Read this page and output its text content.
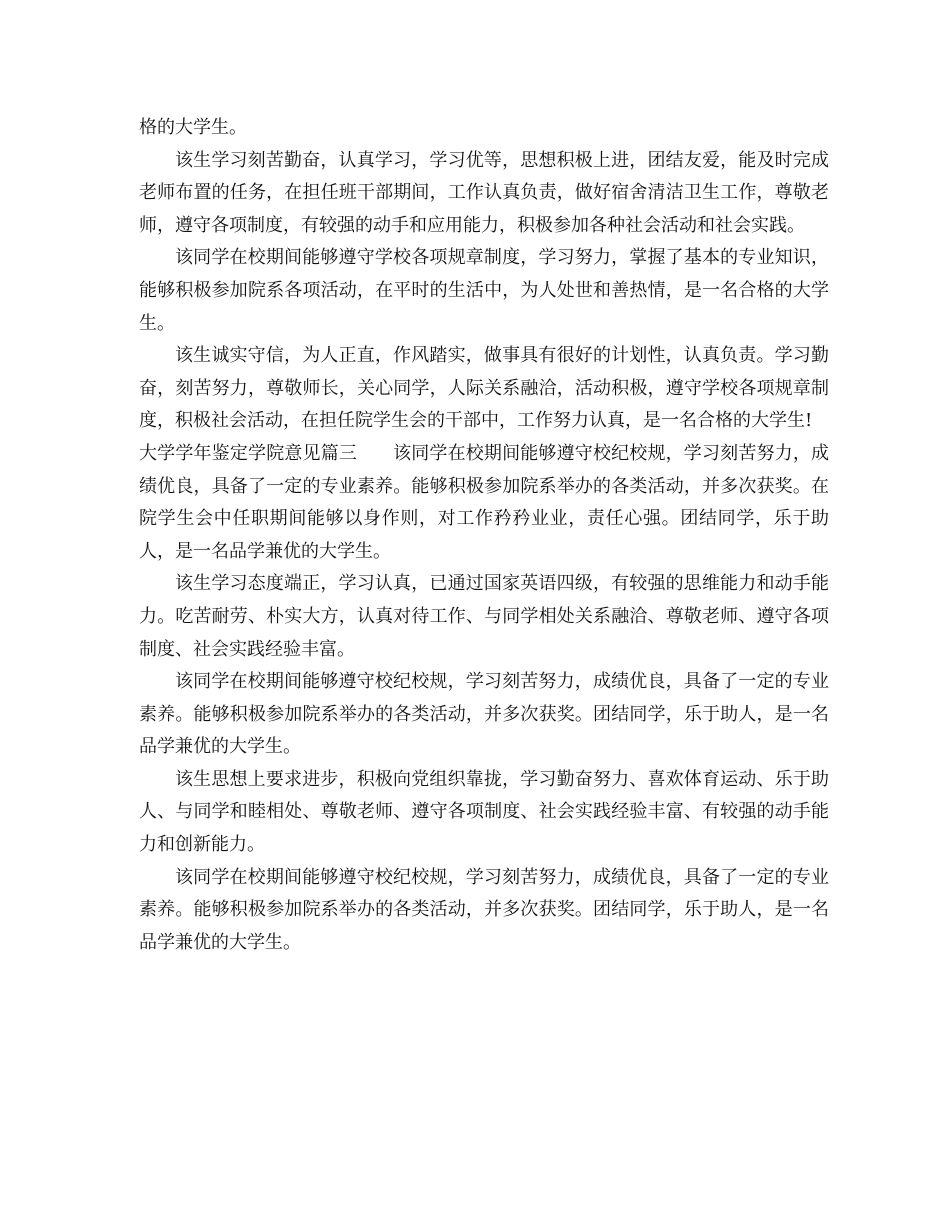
格的大学生。

该生学习刻苦勤奋，认真学习，学习优等，思想积极上进，团结友爱，能及时完成老师布置的任务，在担任班干部期间，工作认真负责，做好宿舍清洁卫生工作，尊敬老师，遵守各项制度，有较强的动手和应用能力，积极参加各种社会活动和社会实践。

该同学在校期间能够遵守学校各项规章制度，学习努力，掌握了基本的专业知识，能够积极参加院系各项活动，在平时的生活中，为人处世和善热情，是一名合格的大学生。

该生诚实守信，为人正直，作风踏实，做事具有很好的计划性，认真负责。学习勤奋，刻苦努力，尊敬师长，关心同学，人际关系融洽，活动积极，遵守学校各项规章制度，积极社会活动，在担任院学生会的干部中，工作努力认真，是一名合格的大学生!

大学学年鉴定学院意见篇三 该同学在校期间能够遵守校纪校规，学习刻苦努力，成绩优良，具备了一定的专业素养。能够积极参加院系举办的各类活动，并多次获奖。在院学生会中任职期间能够以身作则，对工作矜矜业业，责任心强。团结同学，乐于助人，是一名品学兼优的大学生。

该生学习态度端正，学习认真，已通过国家英语四级，有较强的思维能力和动手能力。吃苦耐劳、朴实大方，认真对待工作、与同学相处关系融洽、尊敬老师、遵守各项制度、社会实践经验丰富。

该同学在校期间能够遵守校纪校规，学习刻苦努力，成绩优良，具备了一定的专业素养。能够积极参加院系举办的各类活动，并多次获奖。团结同学，乐于助人，是一名品学兼优的大学生。

该生思想上要求进步，积极向党组织靠拢，学习勤奋努力、喜欢体育运动、乐于助人、与同学和睦相处、尊敬老师、遵守各项制度、社会实践经验丰富、有较强的动手能力和创新能力。

该同学在校期间能够遵守校纪校规，学习刻苦努力，成绩优良，具备了一定的专业素养。能够积极参加院系举办的各类活动，并多次获奖。团结同学，乐于助人，是一名品学兼优的大学生。
